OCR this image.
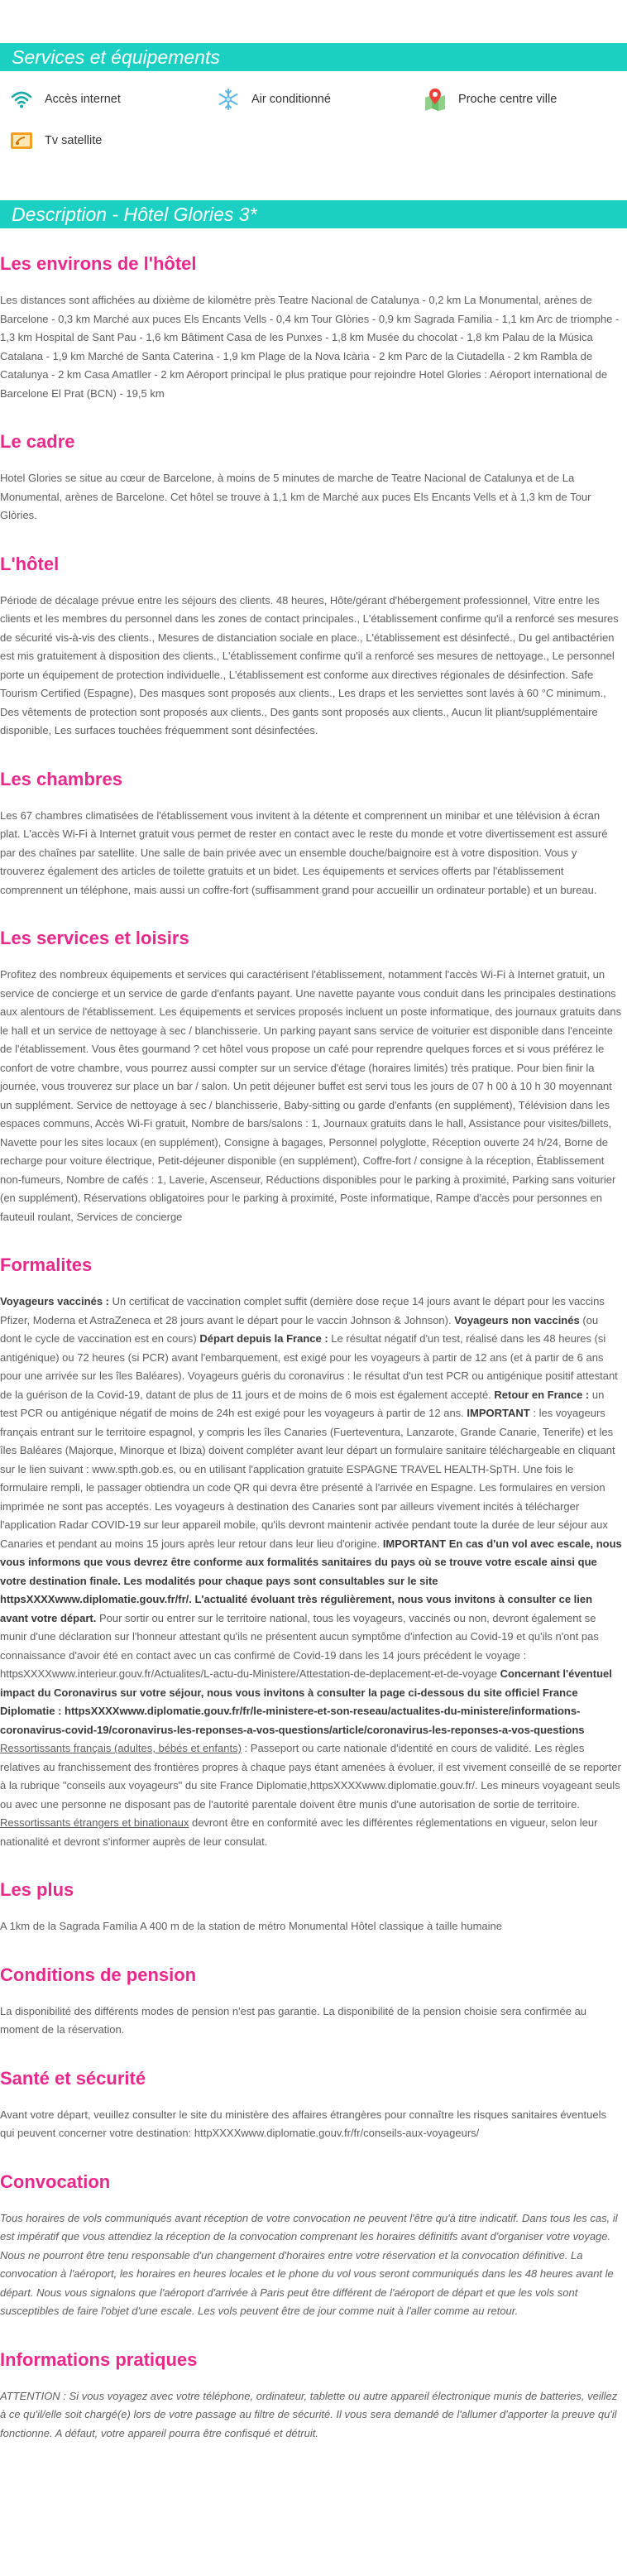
Services et équipements
Accès internet	Air conditionné	Proche centre ville
Tv satellite
Description - Hôtel Glories 3*
Les environs de l'hôtel

Les distances sont affichées au dixième de kilomètre près Teatre Nacional de Catalunya - 0,2 km La Monumental, arènes de Barcelone - 0,3 km Marché aux puces Els Encants Vells - 0,4 km Tour Glòries - 0,9 km Sagrada Familia - 1,1 km Arc de triomphe - 1,3 km Hospital de Sant Pau - 1,6 km Bâtiment Casa de les Punxes - 1,8 km Musée du chocolat - 1,8 km Palau de la Música Catalana - 1,9 km Marché de Santa Caterina - 1,9 km Plage de la Nova Icària - 2 km Parc de la Ciutadella - 2 km Rambla de Catalunya - 2 km Casa Amatller - 2 km Aéroport principal le plus pratique pour rejoindre Hotel Glories : Aéroport international de Barcelone El Prat (BCN) - 19,5 km

Le cadre

Hotel Glories se situe au cœur de Barcelone, à moins de 5 minutes de marche de Teatre Nacional de Catalunya et de La Monumental, arènes de Barcelone. Cet hôtel se trouve à 1,1 km de Marché aux puces Els Encants Vells et à 1,3 km de Tour Glòries.

L'hôtel

Période de décalage prévue entre les séjours des clients. 48 heures, Hôte/gérant d'hébergement professionnel, Vitre entre les clients et les membres du personnel dans les zones de contact principales., L'établissement confirme qu'il a renforcé ses mesures de sécurité vis-à-vis des clients., Mesures de distanciation sociale en place., L'établissement est désinfecté., Du gel antibactérien est mis gratuitement à disposition des clients., L'établissement confirme qu'il a renforcé ses mesures de nettoyage., Le personnel porte un équipement de protection individuelle., L'établissement est conforme aux directives régionales de désinfection. Safe Tourism Certified (Espagne), Des masques sont proposés aux clients., Les draps et les serviettes sont lavés à 60 °C minimum., Des vêtements de protection sont proposés aux clients., Des gants sont proposés aux clients., Aucun lit pliant/supplémentaire disponible, Les surfaces touchées fréquemment sont désinfectées.

Les chambres

Les 67 chambres climatisées de l'établissement vous invitent à la détente et comprennent un minibar et une télévision à écran plat. L'accès Wi-Fi à Internet gratuit vous permet de rester en contact avec le reste du monde et votre divertissement est assuré par des chaînes par satellite. Une salle de bain privée avec un ensemble douche/baignoire est à votre disposition. Vous y trouverez également des articles de toilette gratuits et un bidet. Les équipements et services offerts par l'établissement comprennent un téléphone, mais aussi un coffre-fort (suffisamment grand pour accueillir un ordinateur portable) et un bureau.

Les services et loisirs

Profitez des nombreux équipements et services qui caractérisent l'établissement, notamment l'accès Wi-Fi à Internet gratuit, un service de concierge et un service de garde d'enfants payant. Une navette payante vous conduit dans les principales destinations aux alentours de l'établissement. Les équipements et services proposés incluent un poste informatique, des journaux gratuits dans le hall et un service de nettoyage à sec / blanchisserie. Un parking payant sans service de voiturier est disponible dans l'enceinte de l'établissement. Vous êtes gourmand ? cet hôtel vous propose un café pour reprendre quelques forces et si vous préférez le confort de votre chambre, vous pourrez aussi compter sur un service d'étage (horaires limités) très pratique. Pour bien finir la journée, vous trouverez sur place un bar / salon. Un petit déjeuner buffet est servi tous les jours de 07 h 00 à 10 h 30 moyennant un supplément. Service de nettoyage à sec / blanchisserie, Baby-sitting ou garde d'enfants (en supplément), Télévision dans les espaces communs, Accès Wi-Fi gratuit, Nombre de bars/salons : 1, Journaux gratuits dans le hall, Assistance pour visites/billets, Navette pour les sites locaux (en supplément), Consigne à bagages, Personnel polyglotte, Réception ouverte 24 h/24, Borne de recharge pour voiture électrique, Petit-déjeuner disponible (en supplément), Coffre-fort / consigne à la réception, Établissement non-fumeurs, Nombre de cafés : 1, Laverie, Ascenseur, Réductions disponibles pour le parking à proximité, Parking sans voiturier (en supplément), Réservations obligatoires pour le parking à proximité, Poste informatique, Rampe d'accès pour personnes en fauteuil roulant, Services de concierge

Formalites

Voyageurs vaccinés : Un certificat de vaccination complet suffit (dernière dose reçue 14 jours avant le départ pour les vaccins Pfizer, Moderna et AstraZeneca et 28 jours avant le départ pour le vaccin Johnson & Johnson). Voyageurs non vaccinés (ou dont le cycle de vaccination est en cours) Départ depuis la France : Le résultat négatif d'un test, réalisé dans les 48 heures (si antigénique) ou 72 heures (si PCR) avant l'embarquement, est exigé pour les voyageurs à partir de 12 ans (et à partir de 6 ans pour une arrivée sur les îles Baléares). Voyageurs guéris du coronavirus : le résultat d'un test PCR ou antigénique positif attestant de la guérison de la Covid-19, datant de plus de 11 jours et de moins de 6 mois est également accepté. Retour en France : un test PCR ou antigénique négatif de moins de 24h est exigé pour les voyageurs à partir de 12 ans. IMPORTANT : les voyageurs français entrant sur le territoire espagnol, y compris les îles Canaries (Fuerteventura, Lanzarote, Grande Canarie, Tenerife) et les îles Baléares (Majorque, Minorque et Ibiza) doivent compléter avant leur départ un formulaire sanitaire téléchargeable en cliquant sur le lien suivant : www.spth.gob.es, ou en utilisant l'application gratuite ESPAGNE TRAVEL HEALTH-SpTH. Une fois le formulaire rempli, le passager obtiendra un code QR qui devra être présenté à l'arrivée en Espagne. Les formulaires en version imprimée ne sont pas acceptés. Les voyageurs à destination des Canaries sont par ailleurs vivement incités à télécharger l'application Radar COVID-19 sur leur appareil mobile, qu'ils devront maintenir activée pendant toute la durée de leur séjour aux Canaries et pendant au moins 15 jours après leur retour dans leur lieu d'origine. IMPORTANT En cas d'un vol avec escale, nous vous informons que vous devrez être conforme aux formalités sanitaires du pays où se trouve votre escale ainsi que votre destination finale. Les modalités pour chaque pays sont consultables sur le site httpsXXXXwww.diplomatie.gouv.fr/fr/. L'actualité évoluant très régulièrement, nous vous invitons à consulter ce lien avant votre départ. Pour sortir ou entrer sur le territoire national, tous les voyageurs, vaccinés ou non, devront également se munir d'une déclaration sur l'honneur attestant qu'ils ne présentent aucun symptôme d'infection au Covid-19 et qu'ils n'ont pas connaissance d'avoir été en contact avec un cas confirmé de Covid-19 dans les 14 jours précédent le voyage : httpsXXXXwww.interieur.gouv.fr/Actualites/L-actu-du-Ministere/Attestation-de-deplacement-et-de-voyage Concernant l'éventuel impact du Coronavirus sur votre séjour, nous vous invitons à consulter la page ci-dessous du site officiel France Diplomatie : httpsXXXXwww.diplomatie.gouv.fr/fr/le-ministere-et-son-reseau/actualites-du-ministere/informations-coronavirus-covid-19/coronavirus-les-reponses-a-vos-questions/article/coronavirus-les-reponses-a-vos-questions Ressortissants français (adultes, bébés et enfants) : Passeport ou carte nationale d'identité en cours de validité. Les règles relatives au franchissement des frontières propres à chaque pays étant amenées à évoluer, il est vivement conseillé de se reporter à la rubrique "conseils aux voyageurs" du site France Diplomatie,httpsXXXXwww.diplomatie.gouv.fr/. Les mineurs voyageant seuls ou avec une personne ne disposant pas de l'autorité parentale doivent être munis d'une autorisation de sortie de territoire. Ressortissants étrangers et binationaux devront être en conformité avec les différentes réglementations en vigueur, selon leur nationalité et devront s'informer auprès de leur consulat.

Les plus

A 1km de la Sagrada Familia A 400 m de la station de métro Monumental Hôtel classique à taille humaine

Conditions de pension

La disponibilité des différents modes de pension n'est pas garantie. La disponibilité de la pension choisie sera confirmée au moment de la réservation.

Santé et sécurité

Avant votre départ, veuillez consulter le site du ministère des affaires étrangères pour connaître les risques sanitaires éventuels qui peuvent concerner votre destination: httpXXXXwww.diplomatie.gouv.fr/fr/conseils-aux-voyageurs/

Convocation

Tous horaires de vols communiqués avant réception de votre convocation ne peuvent l'être qu'à titre indicatif. Dans tous les cas, il est impératif que vous attendiez la réception de la convocation comprenant les horaires définitifs avant d'organiser votre voyage. Nous ne pourront être tenu responsable d'un changement d'horaires entre votre réservation et la convocation définitive. La convocation à l'aéroport, les horaires en heures locales et le phone du vol vous seront communiqués dans les 48 heures avant le départ. Nous vous signalons que l'aéroport d'arrivée à Paris peut être différent de l'aéroport de départ et que les vols sont susceptibles de faire l'objet d'une escale. Les vols peuvent être de jour comme nuit à l'aller comme au retour.

Informations pratiques

ATTENTION : Si vous voyagez avec votre téléphone, ordinateur, tablette ou autre appareil électronique munis de batteries, veillez à ce qu'il/elle soit chargé(e) lors de votre passage au filtre de sécurité. Il vous sera demandé de l'allumer d'apporter la preuve qu'il fonctionne. A défaut, votre appareil pourra être confisqué et détruit.
